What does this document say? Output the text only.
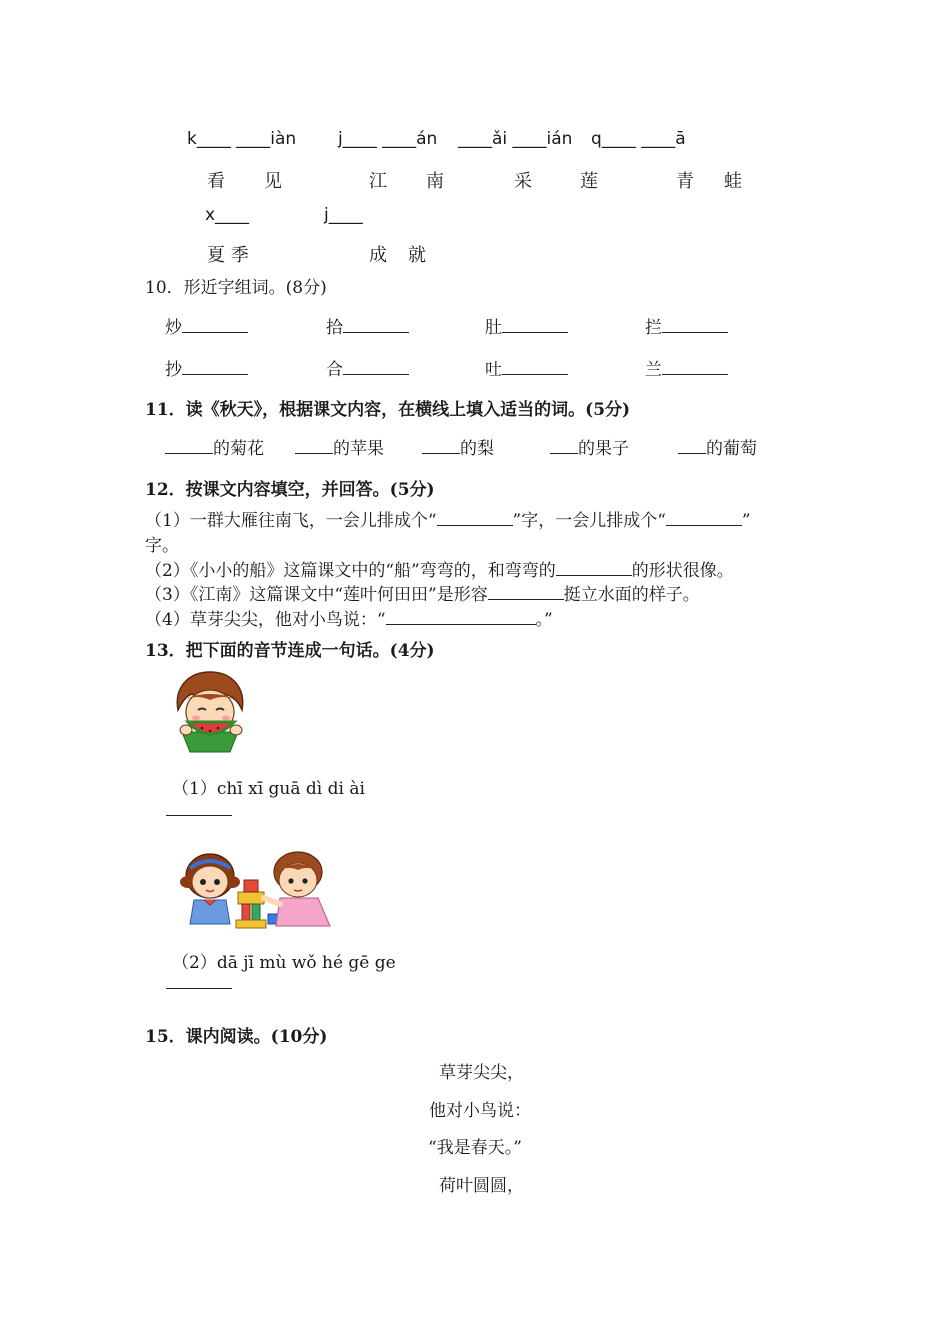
k____ ____iàn j____ ____án ____ǎi ____ián q____ ____ā
看 见	江 南	采	莲	青 蛙
x____	j____
夏 季	成 就
10．形近字组词。(8分)
炒	拾	肚	拦
抄	合	吐	兰
11．读《秋天》，根据课文内容，在横线上填入适当的词。(5分)
的菊花	的苹果	的梨	的果子	的葡萄
12．按课文内容填空，并回答。(5分)
（1）一群大雁往南飞，一会儿排成个“	”字，一会儿排成个“	”
字。
（2）《小小的船》这篇课文中的“船”弯弯的，和弯弯的	的形状很像。
（3）《江南》这篇课文中“莲叶何田田”是形容	挺立水面的样子。
（4）草芽尖尖，他对小鸟说：“	。”
13．把下面的音节连成一句话。(4分)
（1）chī xī guā dì di ài
（2）dā jī mù wǒ hé gē ge
15．课内阅读。(10分)
草芽尖尖，
他对小鸟说：
“我是春天。”
荷叶圆圆，
